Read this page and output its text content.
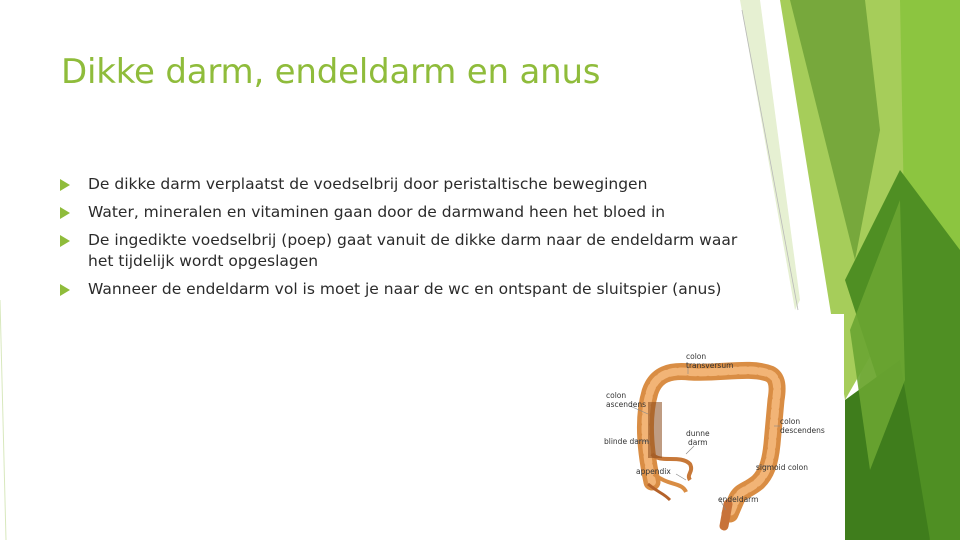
Dikke darm, endeldarm en anus
De dikke darm verplaatst de voedselbrij door peristaltische bewegingen
Water, mineralen en vitaminen gaan door de darmwand heen het bloed in
De ingedikte voedselbrij (poep) gaat vanuit de dikke darm naar de endeldarm waar het tijdelijk wordt opgeslagen
Wanneer de endeldarm vol is moet je naar de wc en ontspant de sluitspier (anus)
colon
transversum
colon
ascendens
blinde darm
dunne
darm
appendix
colon
descendens
sigmoid colon
endeldarm
